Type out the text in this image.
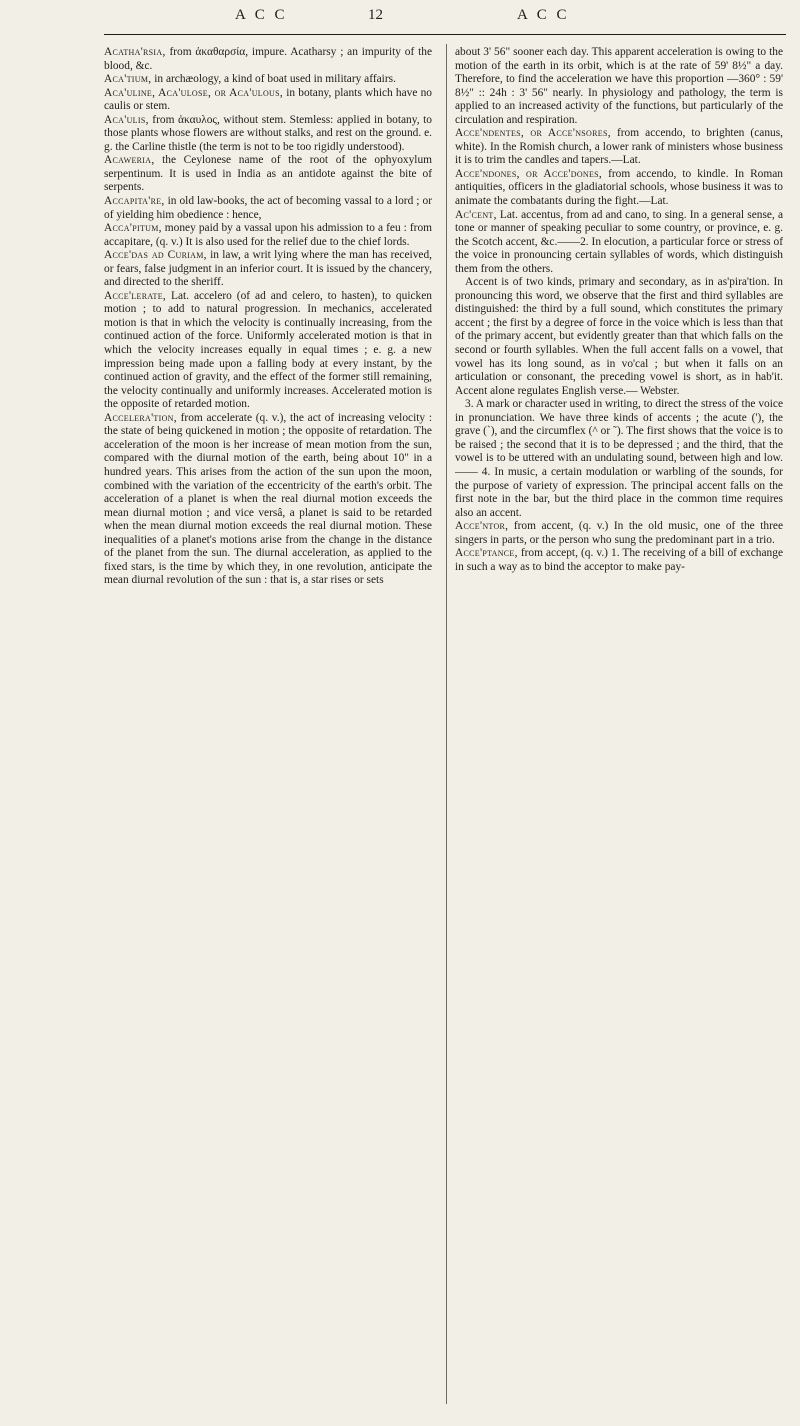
A C C	12	A C C

Acatha'rsia, from ἀκαθαρσία, impure. Acatharsy ; an impurity of the blood, &c.

Aca'tium, in archæology, a kind of boat used in military affairs.

Aca'uline, Aca'ulose, or Aca'ulous, in botany, plants which have no caulis or stem.

Aca'ulis, from ἀκαυλος, without stem. Stemless: applied in botany, to those plants whose flowers are without stalks, and rest on the ground. e. g. the Carline thistle (the term is not to be too rigidly understood).

Acaweria, the Ceylonese name of the root of the ophyoxylum serpentinum. It is used in India as an antidote against the bite of serpents.

Accapita're, in old law-books, the act of becoming vassal to a lord ; or of yielding him obedience : hence,

Acca'pitum, money paid by a vassal upon his admission to a feu : from accapitare, (q. v.) It is also used for the relief due to the chief lords.

Acce'das ad Curiam, in law, a writ lying where the man has received, or fears, false judgment in an inferior court. It is issued by the chancery, and directed to the sheriff.

Acce'lerate, Lat. accelero (of ad and celero, to hasten), to quicken motion ; to add to natural progression. In mechanics, accelerated motion is that in which the velocity is continually increasing, from the continued action of the force. Uniformly accelerated motion is that in which the velocity increases equally in equal times ; e. g. a new impression being made upon a falling body at every instant, by the continued action of gravity, and the effect of the former still remaining, the velocity continually and uniformly increases. Accelerated motion is the opposite of retarded motion.

Accelera'tion, from accelerate (q. v.), the act of increasing velocity : the state of being quickened in motion ; the opposite of retardation. The acceleration of the moon is her increase of mean motion from the sun, compared with the diurnal motion of the earth, being about 10" in a hundred years. This arises from the action of the sun upon the moon, combined with the variation of the eccentricity of the earth's orbit. The acceleration of a planet is when the real diurnal motion exceeds the mean diurnal motion ; and vice versâ, a planet is said to be retarded when the mean diurnal motion exceeds the real diurnal motion. These inequalities of a planet's motions arise from the change in the distance of the planet from the sun. The diurnal acceleration, as applied to the fixed stars, is the time by which they, in one revolution, anticipate the mean diurnal revolution of the sun : that is, a star rises or sets

about 3' 56" sooner each day. This apparent acceleration is owing to the motion of the earth in its orbit, which is at the rate of 59' 8½" a day. Therefore, to find the acceleration we have this proportion —360° : 59' 8½" :: 24h : 3' 56" nearly. In physiology and pathology, the term is applied to an increased activity of the functions, but particularly of the circulation and respiration.

Acce'ndentes, or Acce'nsores, from accendo, to brighten (canus, white). In the Romish church, a lower rank of ministers whose business it is to trim the candles and tapers.—Lat.

Acce'ndones, or Acce'dones, from accendo, to kindle. In Roman antiquities, officers in the gladiatorial schools, whose business it was to animate the combatants during the fight.—Lat.

Ac'cent, Lat. accentus, from ad and cano, to sing. In a general sense, a tone or manner of speaking peculiar to some country, or province, e. g. the Scotch accent, &c.——2. In elocution, a particular force or stress of the voice in pronouncing certain syllables of words, which distinguish them from the others.

Accent is of two kinds, primary and secondary, as in as'pira'tion. In pronouncing this word, we observe that the first and third syllables are distinguished: the third by a full sound, which constitutes the primary accent ; the first by a degree of force in the voice which is less than that of the primary accent, but evidently greater than that which falls on the second or fourth syllables. When the full accent falls on a vowel, that vowel has its long sound, as in vo'cal ; but when it falls on an articulation or consonant, the preceding vowel is short, as in hab'it. Accent alone regulates English verse.— Webster.

3. A mark or character used in writing, to direct the stress of the voice in pronunciation. We have three kinds of accents ; the acute ('), the grave (`), and the circumflex (^ or ˜). The first shows that the voice is to be raised ; the second that it is to be depressed ; and the third, that the vowel is to be uttered with an undulating sound, between high and low.—— 4. In music, a certain modulation or warbling of the sounds, for the purpose of variety of expression. The principal accent falls on the first note in the bar, but the third place in the common time requires also an accent.

Acce'ntor, from accent, (q. v.) In the old music, one of the three singers in parts, or the person who sung the predominant part in a trio.

Acce'ptance, from accept, (q. v.) 1. The receiving of a bill of exchange in such a way as to bind the acceptor to make pay-
